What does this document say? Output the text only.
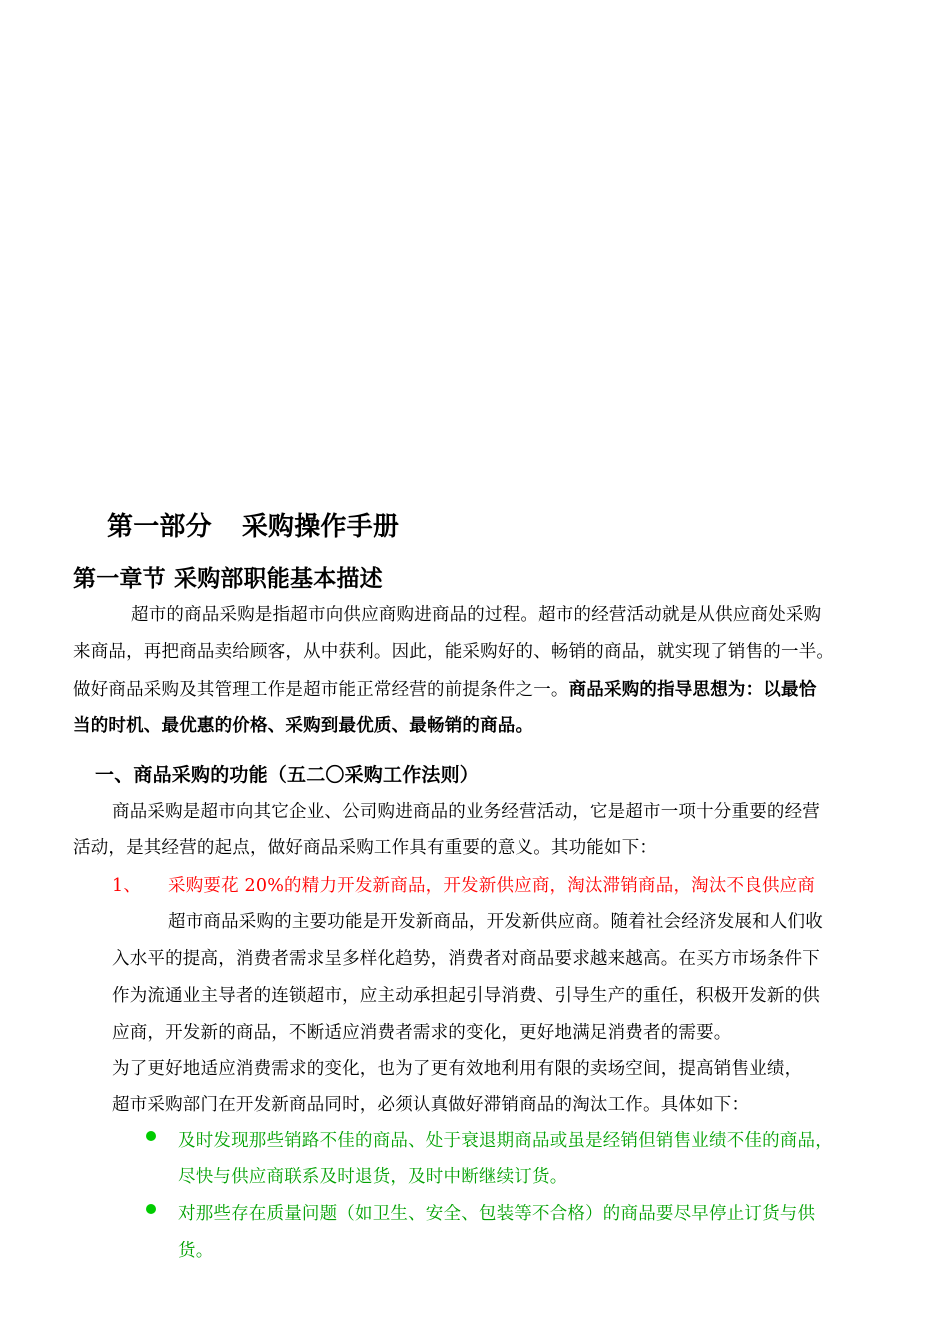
第一部分 采购操作手册
第一章节 采购部职能基本描述
超市的商品采购是指超市向供应商购进商品的过程。超市的经营活动就是从供应商处采购
来商品，再把商品卖给顾客，从中获利。因此，能采购好的、畅销的商品，就实现了销售的一半。
做好商品采购及其管理工作是超市能正常经营的前提条件之一。商品采购的指导思想为：以最恰
当的时机、最优惠的价格、采购到最优质、最畅销的商品。
一、商品采购的功能（五二〇采购工作法则）
商品采购是超市向其它企业、公司购进商品的业务经营活动，它是超市一项十分重要的经营
活动，是其经营的起点，做好商品采购工作具有重要的意义。其功能如下：
1、 采购要花 20%的精力开发新商品，开发新供应商，淘汰滞销商品，淘汰不良供应商
超市商品采购的主要功能是开发新商品，开发新供应商。随着社会经济发展和人们收
入水平的提高，消费者需求呈多样化趋势，消费者对商品要求越来越高。在买方市场条件下
作为流通业主导者的连锁超市，应主动承担起引导消费、引导生产的重任，积极开发新的供
应商，开发新的商品，不断适应消费者需求的变化，更好地满足消费者的需要。
为了更好地适应消费需求的变化，也为了更有效地利用有限的卖场空间，提高销售业绩，
超市采购部门在开发新商品同时，必须认真做好滞销商品的淘汰工作。具体如下：
及时发现那些销路不佳的商品、处于衰退期商品或虽是经销但销售业绩不佳的商品，
尽快与供应商联系及时退货，及时中断继续订货。
对那些存在质量问题（如卫生、安全、包装等不合格）的商品要尽早停止订货与供
货。
